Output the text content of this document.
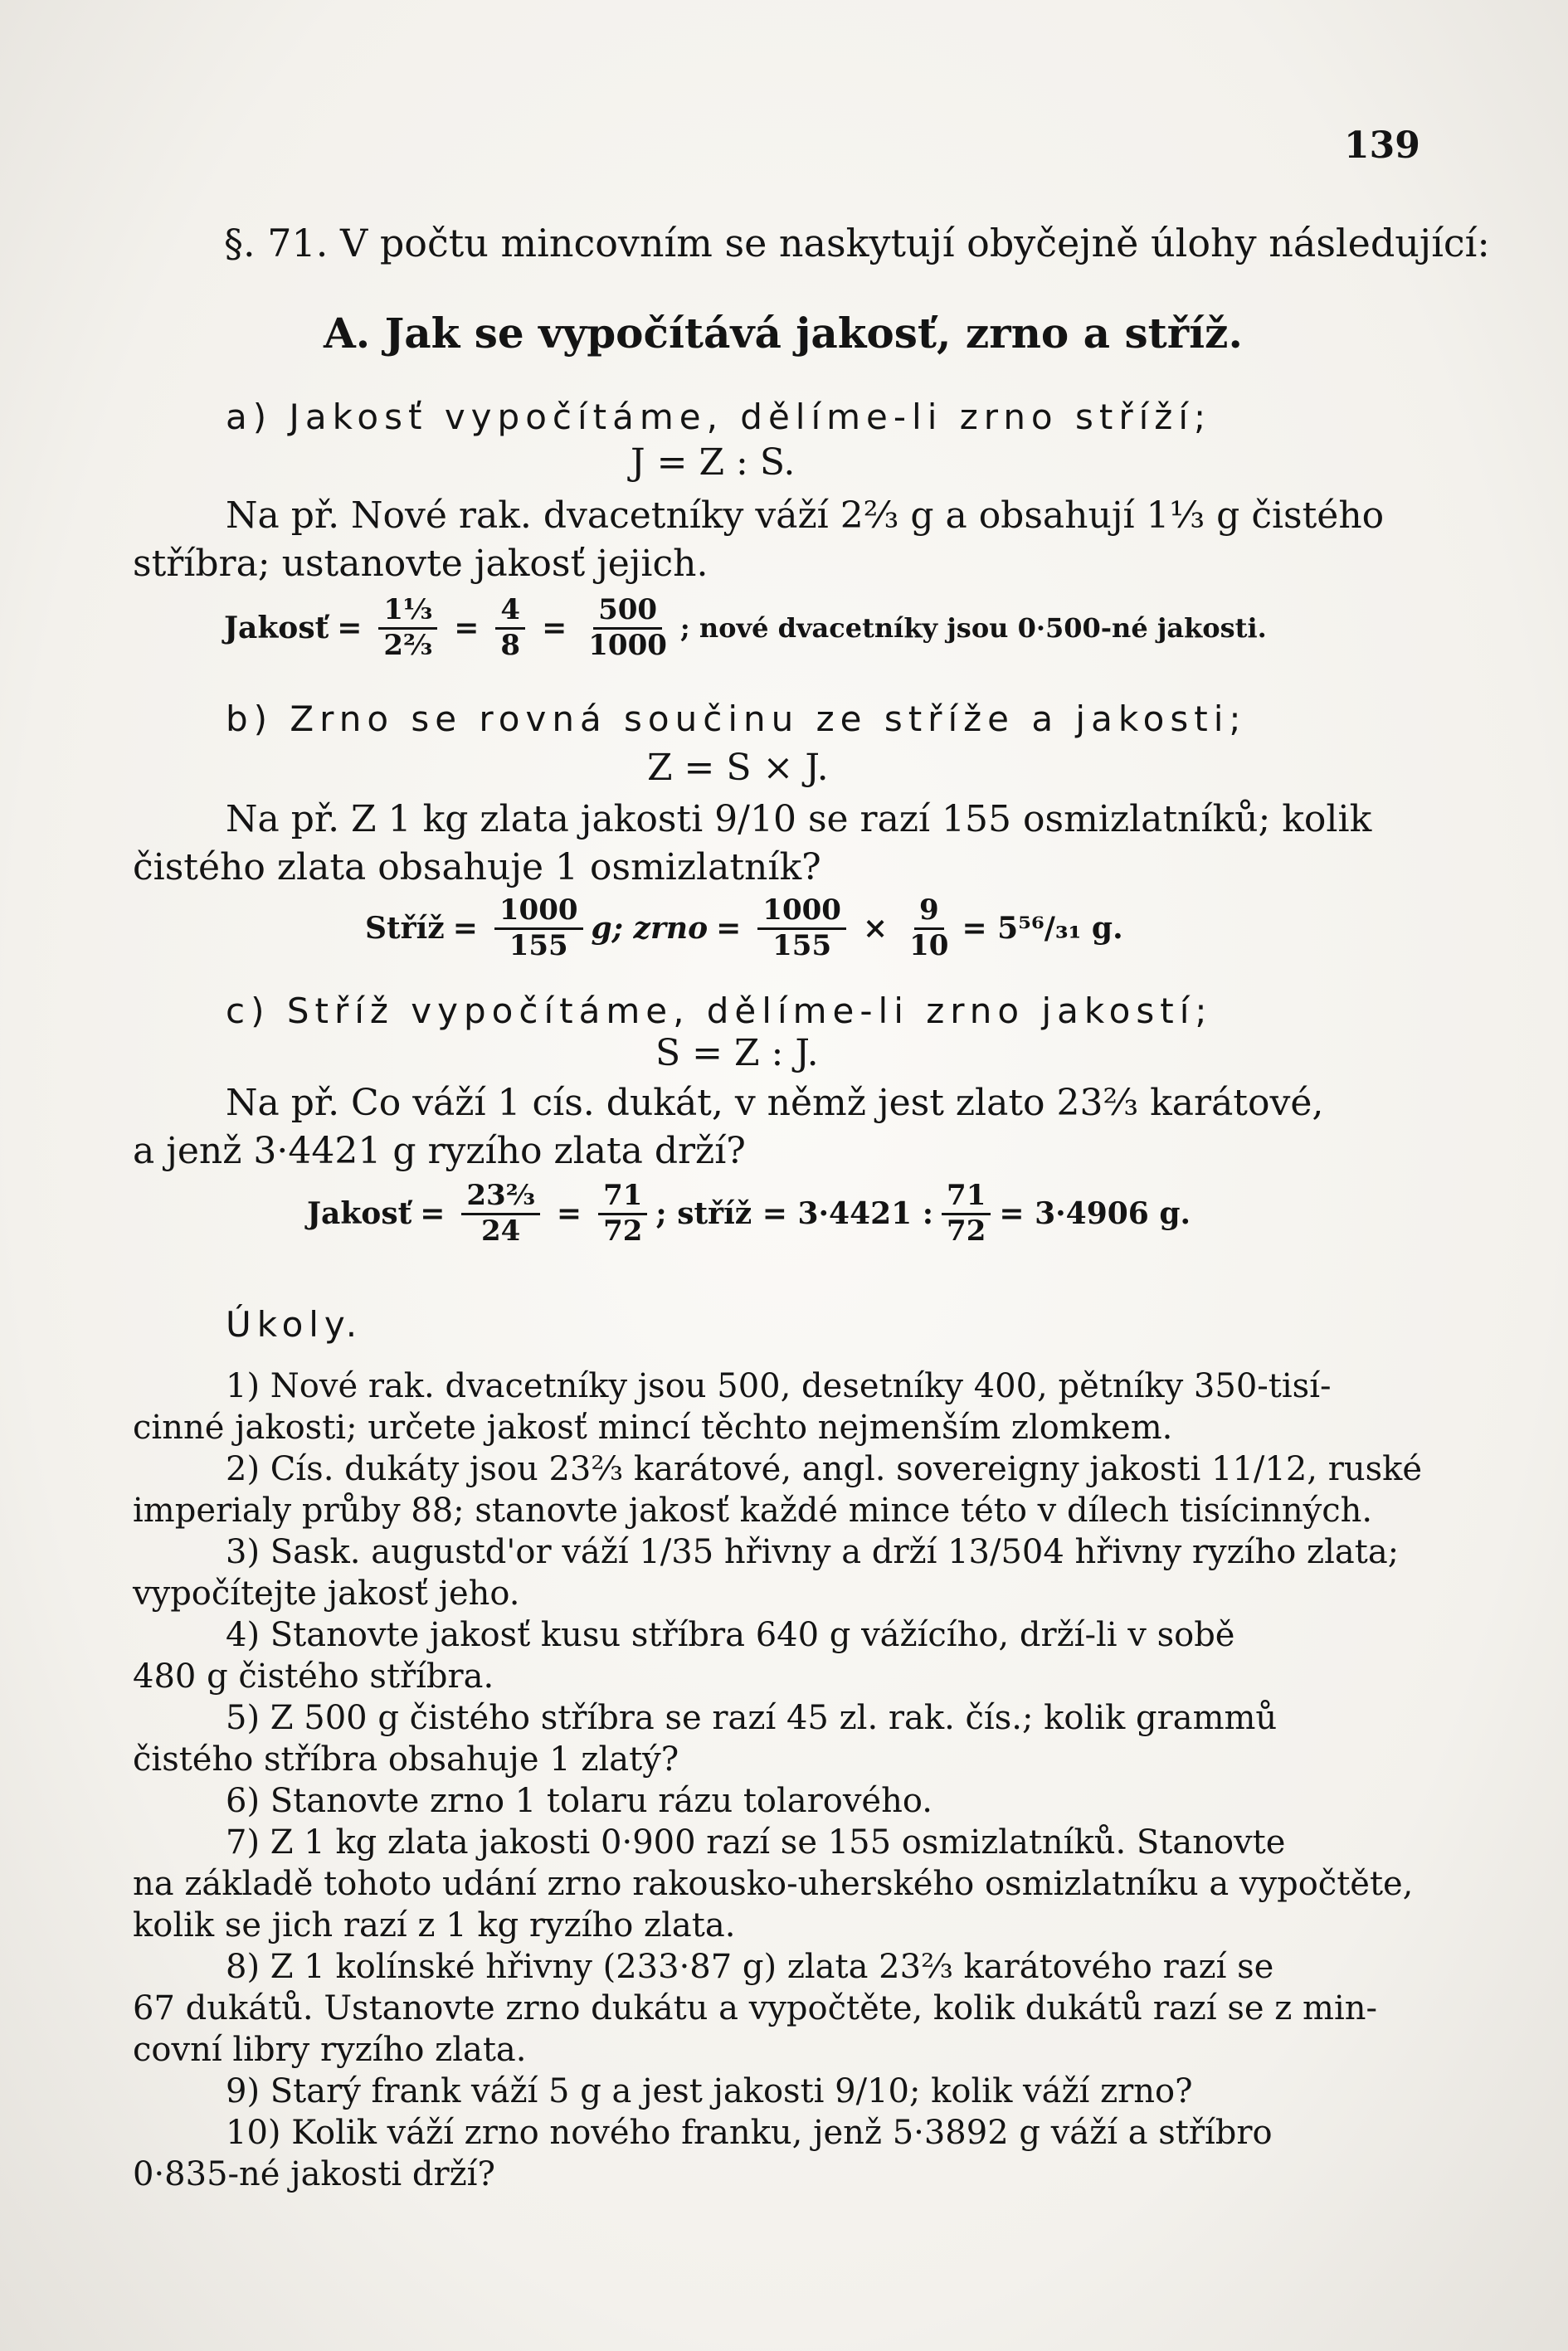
139
§. 71. V počtu mincovním se naskytují obyčejně úlohy následující:
A. Jak se vypočítává jakosť, zrno a stříž.
a) Jakosť vypočítáme, dělíme-li zrno stříží;
J = Z : S.
Na př. Nové rak. dvacetníky váží 2⅔ g a obsahují 1⅓ g čistého
stříbra; ustanovte jakosť jejich.
Jakosť = $\frac{\text{1⅓}}{\text{2⅔}} = \frac{4}{8} = \frac{500}{1000}$ ; nové dvacetníky jsou 0·500-né jakosti.
b) Zrno se rovná součinu ze stříže a jakosti;
Z = S × J.
Na př. Z 1 kg zlata jakosti 9/10 se razí 155 osmizlatníků; kolik
čistého zlata obsahuje 1 osmizlatník?
Stříž = $\frac{1000}{155} g$; zrno = $\frac{1000}{155} \times \frac{9}{10} = 5^{56}/_{31}$ g.
c) Stříž vypočítáme, dělíme-li zrno jakostí;
S = Z : J.
Na př. Co váží 1 cís. dukát, v němž jest zlato 23⅔ karátové,
a jenž 3·4421 g ryzího zlata drží?
Jakosť = $\frac{\text{23⅔}}{24} = \frac{71}{72}$ ; stříž = 3·4421 : $\frac{71}{72} = 3\cdot 4906$ g.
Úkoly.
1) Nové rak. dvacetníky jsou 500, desetníky 400, pětníky 350-tisí-
cinné jakosti; určete jakosť mincí těchto nejmenším zlomkem.
2) Cís. dukáty jsou 23⅔ karátové, angl. sovereigny jakosti 11/12, ruské
imperialy průby 88; stanovte jakosť každé mince této v dílech tisícinných.
3) Sask. augustd'or váží 1/35 hřivny a drží 13/504 hřivny ryzího zlata;
vypočítejte jakosť jeho.
4) Stanovte jakosť kusu stříbra 640 g vážícího, drží-li v sobě
480 g čistého stříbra.
5) Z 500 g čistého stříbra se razí 45 zl. rak. čís.; kolik grammů
čistého stříbra obsahuje 1 zlatý?
6) Stanovte zrno 1 tolaru rázu tolarového.
7) Z 1 kg zlata jakosti 0·900 razí se 155 osmizlatníků. Stanovte
na základě tohoto udání zrno rakousko-uherského osmizlatníku a vypočtěte,
kolik se jich razí z 1 kg ryzího zlata.
8) Z 1 kolínské hřivny (233·87 g) zlata 23⅔ karátového razí se
67 dukátů. Ustanovte zrno dukátu a vypočtěte, kolik dukátů razí se z min-
covní libry ryzího zlata.
9) Starý frank váží 5 g a jest jakosti 9/10; kolik váží zrno?
10) Kolik váží zrno nového franku, jenž 5·3892 g váží a stříbro
0·835-né jakosti drží?
